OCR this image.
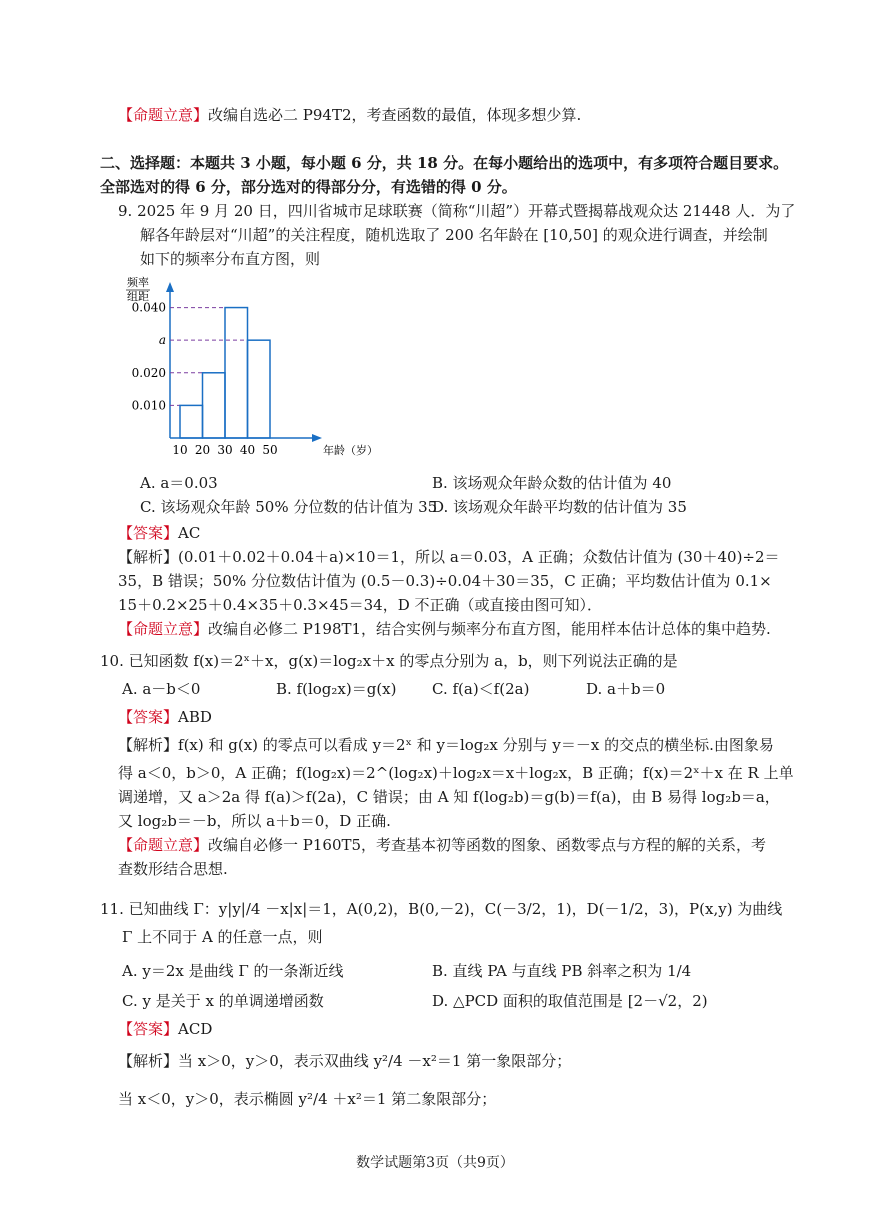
【命题立意】改编自选必二 P94T2，考查函数的最值，体现多想少算.
二、选择题：本题共 3 小题，每小题 6 分，共 18 分。在每小题给出的选项中，有多项符合题目要求。
全部选对的得 6 分，部分选对的得部分分，有选错的得 0 分。
9. 2025 年 9 月 20 日，四川省城市足球联赛（简称“川超”）开幕式暨揭幕战观众达 21448 人．为了
解各年龄层对“川超”的关注程度，随机选取了 200 名年龄在 [10,50] 的观众进行调查，并绘制
如下的频率分布直方图，则
频率
组距
年龄（岁）
0.040
a
0.020
0.010
10 20 30 40 50
A. a＝0.03	B. 该场观众年龄众数的估计值为 40
C. 该场观众年龄 50% 分位数的估计值为 35
D. 该场观众年龄平均数的估计值为 35
【答案】AC
【解析】(0.01＋0.02＋0.04＋a)×10＝1，所以 a＝0.03，A 正确；众数估计值为 (30＋40)÷2＝
35，B 错误；50% 分位数估计值为 (0.5－0.3)÷0.04＋30＝35，C 正确；平均数估计值为 0.1×
15＋0.2×25＋0.4×35＋0.3×45＝34，D 不正确（或直接由图可知）．
【命题立意】改编自必修二 P198T1，结合实例与频率分布直方图，能用样本估计总体的集中趋势.
10. 已知函数 f(x)＝2ˣ＋x，g(x)＝log₂x＋x 的零点分别为 a，b，则下列说法正确的是
A. a－b＜0	B. f(log₂x)＝g(x) C. f(a)＜f(2a)	D. a＋b＝0
【答案】ABD
【解析】f(x) 和 g(x) 的零点可以看成 y＝2ˣ 和 y＝log₂x 分别与 y＝－x 的交点的横坐标.由图象易
得 a＜0，b＞0，A 正确；f(log₂x)＝2^(log₂x)＋log₂x＝x＋log₂x，B 正确；f(x)＝2ˣ＋x 在 R 上单
调递增，又 a＞2a 得 f(a)＞f(2a)，C 错误；由 A 知 f(log₂b)＝g(b)＝f(a)，由 B 易得 log₂b＝a，
又 log₂b＝－b，所以 a＋b＝0，D 正确.
【命题立意】改编自必修一 P160T5，考查基本初等函数的图象、函数零点与方程的解的关系，考
查数形结合思想.
11. 已知曲线 Γ：y|y|/4 －x|x|＝1，A(0,2)，B(0,－2)，C(－3/2，1)，D(－1/2，3)，P(x,y) 为曲线
Γ 上不同于 A 的任意一点，则
A. y＝2x 是曲线 Γ 的一条渐近线	B. 直线 PA 与直线 PB 斜率之积为 1/4
C. y 是关于 x 的单调递增函数	D. △PCD 面积的取值范围是 [2－√2，2)
【答案】ACD
【解析】当 x＞0，y＞0，表示双曲线 y²/4 －x²＝1 第一象限部分；
当 x＜0，y＞0，表示椭圆 y²/4 ＋x²＝1 第二象限部分；
数学试题第3页（共9页）
